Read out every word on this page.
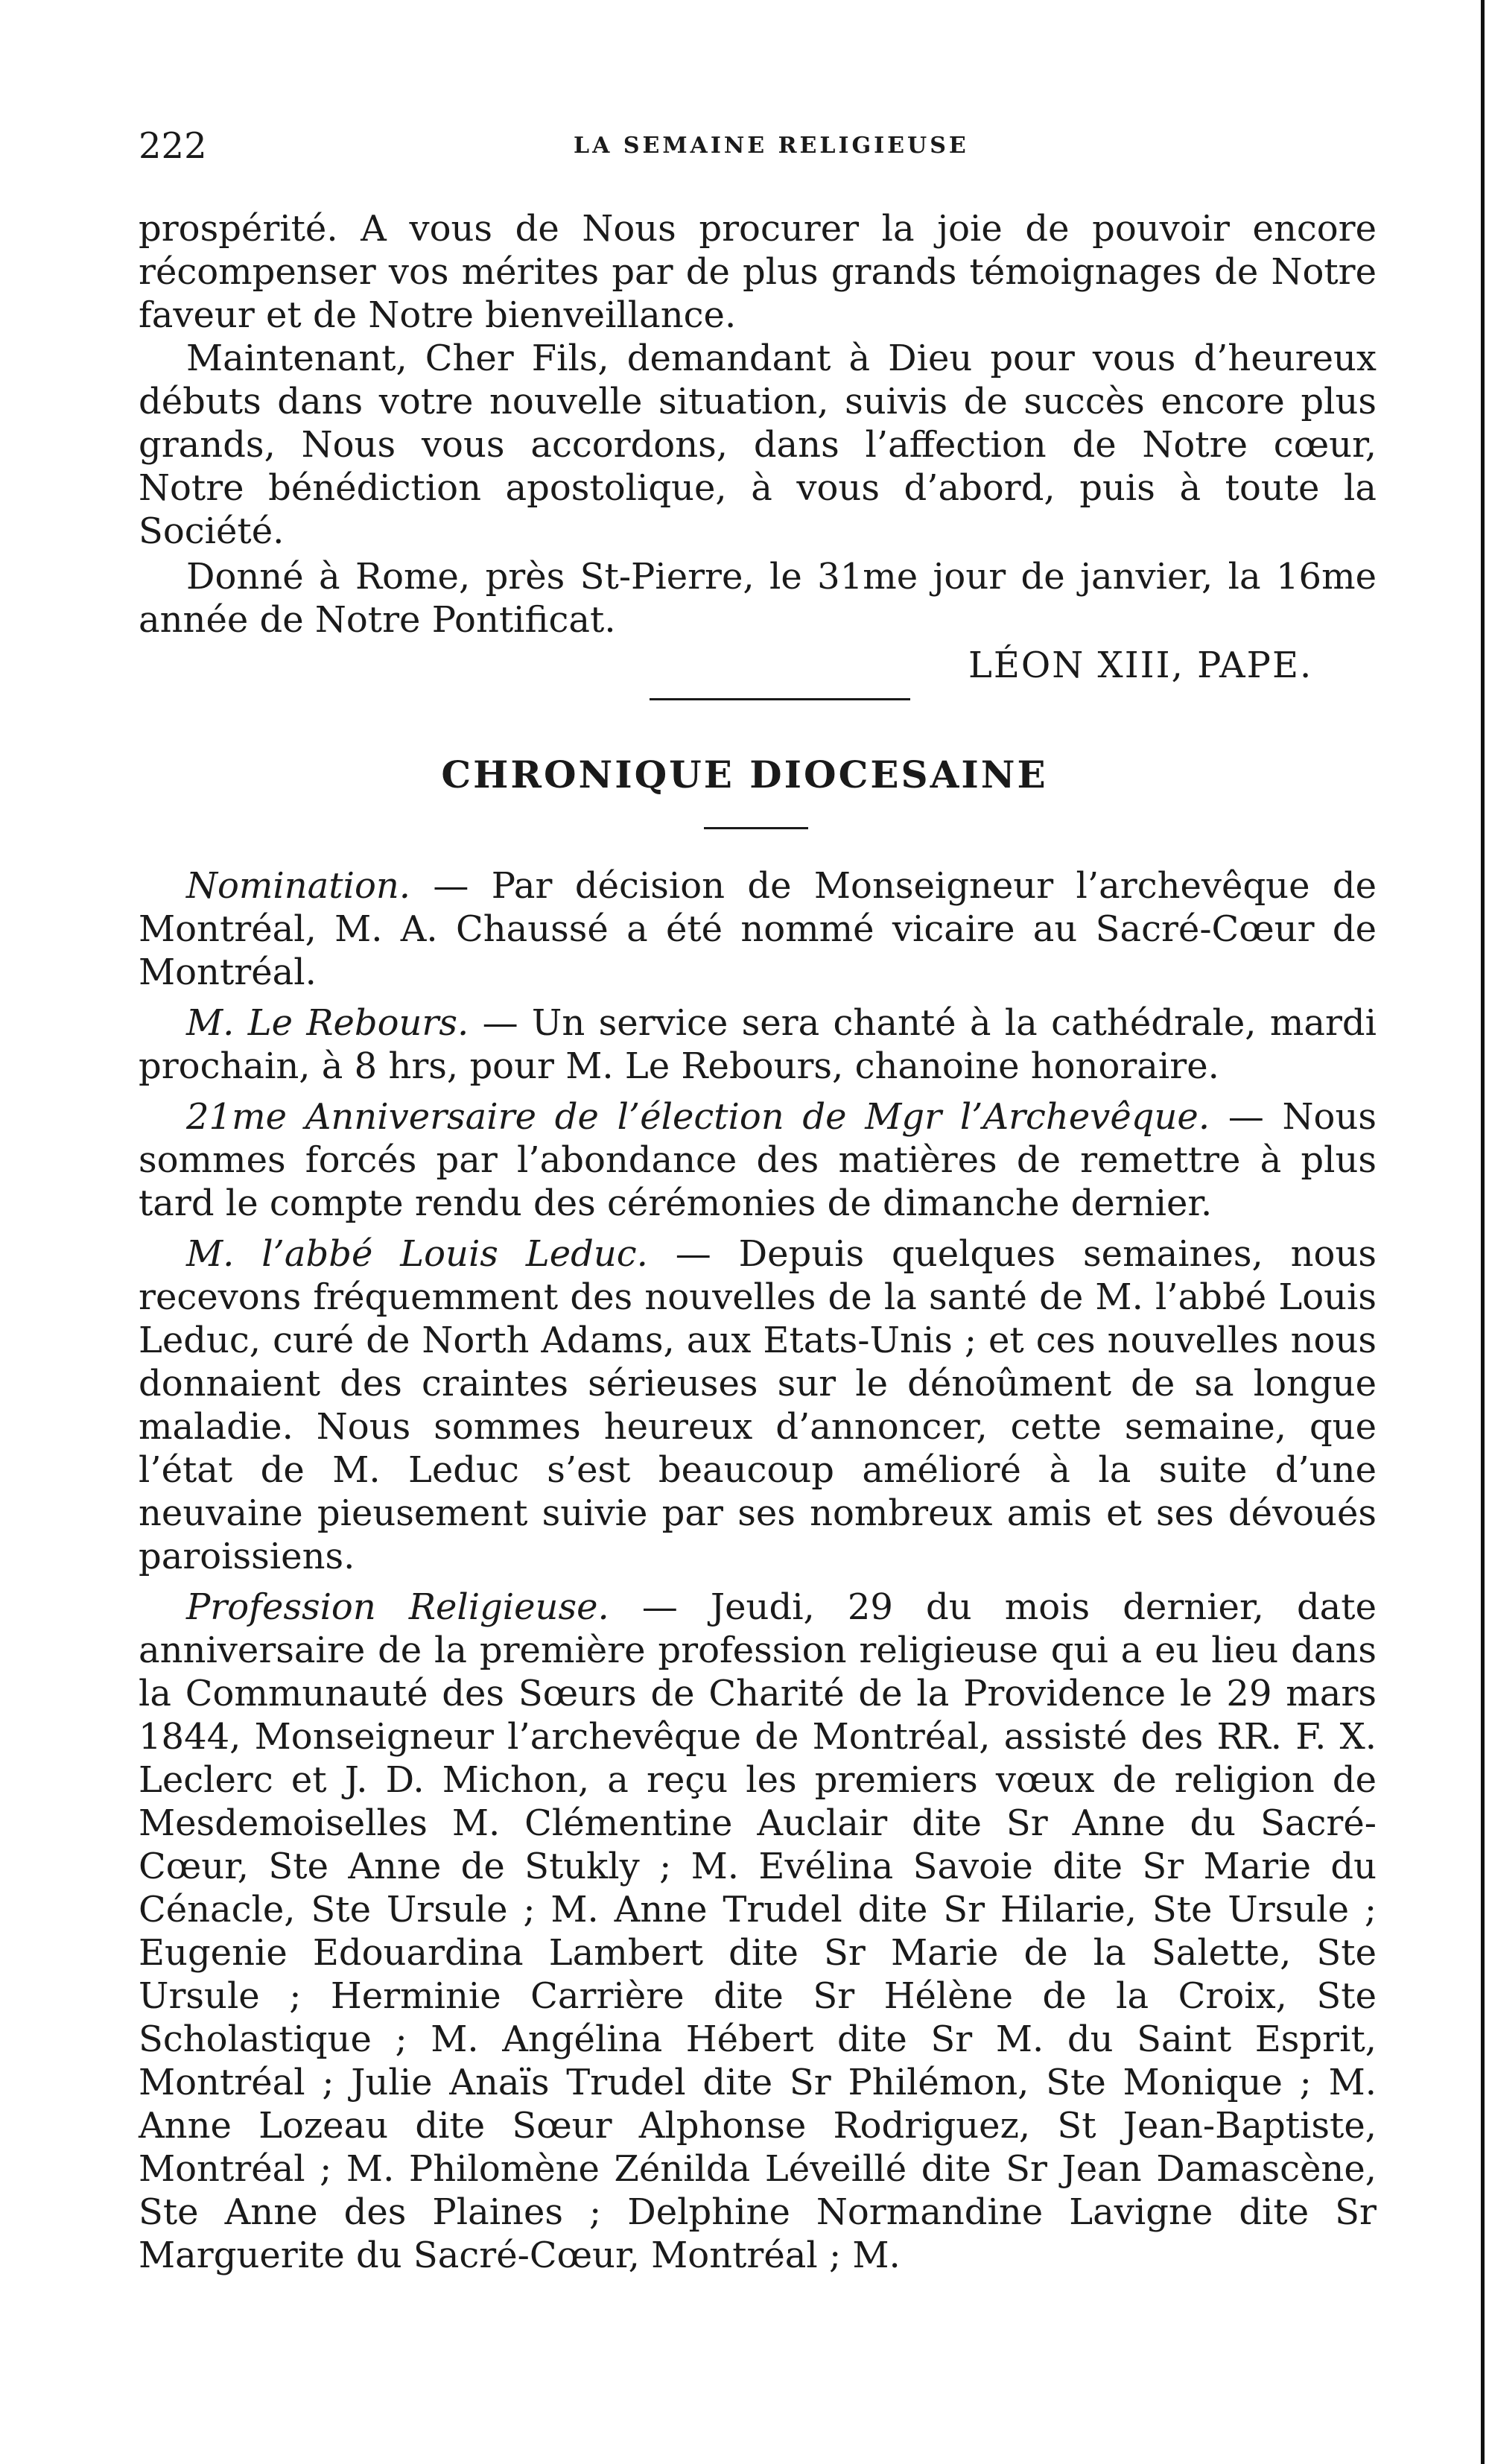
222	LA SEMAINE RELIGIEUSE

prospérité. A vous de Nous procurer la joie de pouvoir encore récompenser vos mérites par de plus grands témoignages de Notre faveur et de Notre bienveillance.

Maintenant, Cher Fils, demandant à Dieu pour vous d’heureux débuts dans votre nouvelle situation, suivis de succès encore plus grands, Nous vous accordons, dans l’affection de Notre cœur, Notre bénédiction apostolique, à vous d’abord, puis à toute la Société.

Donné à Rome, près St-Pierre, le 31me jour de janvier, la 16me année de Notre Pontificat.

LÉON XIII, PAPE.
CHRONIQUE DIOCESAINE

Nomination. — Par décision de Monseigneur l’archevêque de Montréal, M. A. Chaussé a été nommé vicaire au Sacré-Cœur de Montréal.

M. Le Rebours. — Un service sera chanté à la cathédrale, mardi prochain, à 8 hrs, pour M. Le Rebours, chanoine honoraire.

21me Anniversaire de l’élection de Mgr l’Archevêque. — Nous sommes forcés par l’abondance des matières de remettre à plus tard le compte rendu des cérémonies de dimanche dernier.

M. l’abbé Louis Leduc. — Depuis quelques semaines, nous recevons fréquemment des nouvelles de la santé de M. l’abbé Louis Leduc, curé de North Adams, aux Etats-Unis ; et ces nouvelles nous donnaient des craintes sérieuses sur le dénoûment de sa longue maladie. Nous sommes heureux d’annoncer, cette semaine, que l’état de M. Leduc s’est beaucoup amélioré à la suite d’une neuvaine pieusement suivie par ses nombreux amis et ses dévoués paroissiens.

Profession Religieuse. — Jeudi, 29 du mois dernier, date anniversaire de la première profession religieuse qui a eu lieu dans la Communauté des Sœurs de Charité de la Providence le 29 mars 1844, Monseigneur l’archevêque de Montréal, assisté des RR. F. X. Leclerc et J. D. Michon, a reçu les premiers vœux de religion de Mesdemoiselles M. Clémentine Auclair dite Sr Anne du Sacré-Cœur, Ste Anne de Stukly ; M. Evélina Savoie dite Sr Marie du Cénacle, Ste Ursule ; M. Anne Trudel dite Sr Hilarie, Ste Ursule ; Eugenie Edouardina Lambert dite Sr Marie de la Salette, Ste Ursule ; Herminie Carrière dite Sr Hélène de la Croix, Ste Scholastique ; M. Angélina Hébert dite Sr M. du Saint Esprit, Montréal ; Julie Anaïs Trudel dite Sr Philémon, Ste Monique ; M. Anne Lozeau dite Sœur Alphonse Rodriguez, St Jean-Baptiste, Montréal ; M. Philomène Zénilda Léveillé dite Sr Jean Damascène, Ste Anne des Plaines ; Delphine Normandine Lavigne dite Sr Marguerite du Sacré-Cœur, Montréal ; M.
